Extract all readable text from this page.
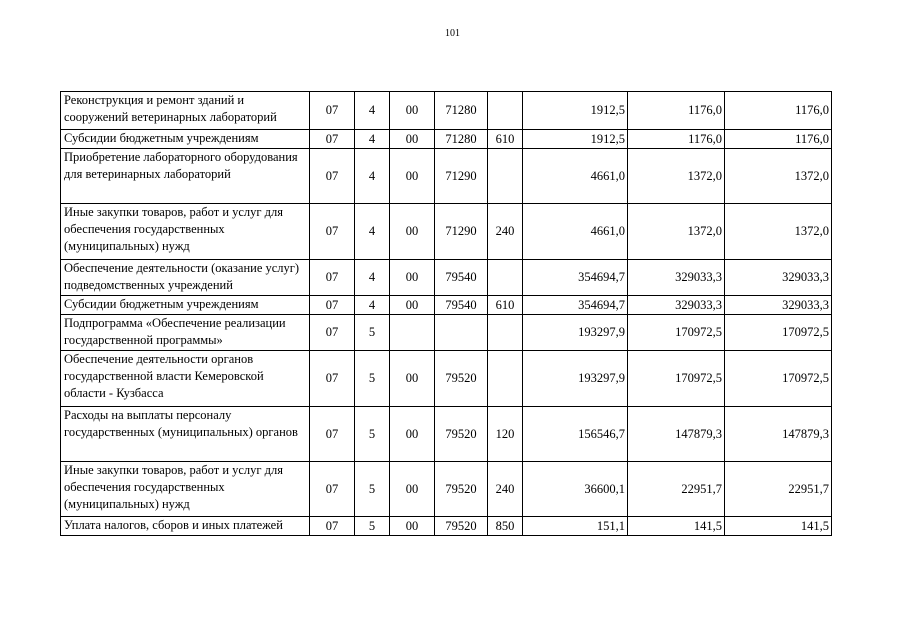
101
Реконструкция и ремонт зданий и сооружений ветеринарных лабораторий	07	4	00	71280		1912,5	1176,0	1176,0
Субсидии бюджетным учреждениям	07	4	00	71280	610	1912,5	1176,0	1176,0
Приобретение лабораторного оборудования для ветеринарных лабораторий	07	4	00	71290		4661,0	1372,0	1372,0
Иные закупки товаров, работ и услуг для обеспечения государственных (муниципальных) нужд	07	4	00	71290	240	4661,0	1372,0	1372,0
Обеспечение деятельности (оказание услуг) подведомственных учреждений	07	4	00	79540		354694,7	329033,3	329033,3
Субсидии бюджетным учреждениям	07	4	00	79540	610	354694,7	329033,3	329033,3
Подпрограмма «Обеспечение реализации государственной программы»	07	5				193297,9	170972,5	170972,5
Обеспечение деятельности органов государственной власти Кемеровской области - Кузбасса	07	5	00	79520		193297,9	170972,5	170972,5
Расходы на выплаты персоналу государственных (муниципальных) органов	07	5	00	79520	120	156546,7	147879,3	147879,3
Иные закупки товаров, работ и услуг для обеспечения государственных (муниципальных) нужд	07	5	00	79520	240	36600,1	22951,7	22951,7
Уплата налогов, сборов и иных платежей	07	5	00	79520	850	151,1	141,5	141,5
